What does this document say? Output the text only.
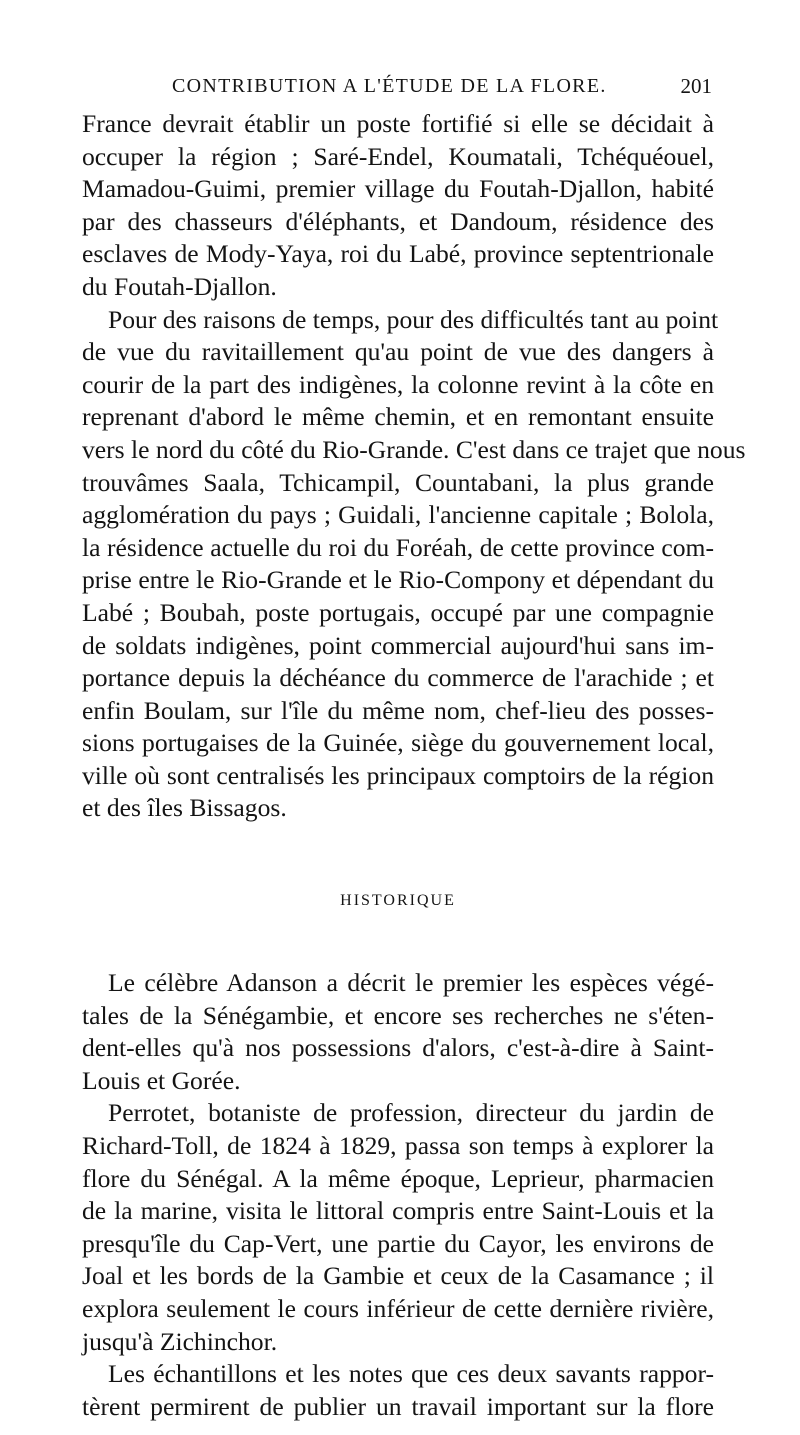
CONTRIBUTION A L'ÉTUDE DE LA FLORE.	201

France devrait établir un poste fortifié si elle se décidait à
occuper la région ; Saré-Endel, Koumatali, Tchéquéouel,
Mamadou-Guimi, premier village du Foutah-Djallon, habité
par des chasseurs d'éléphants, et Dandoum, résidence des
esclaves de Mody-Yaya, roi du Labé, province septentrionale
du Foutah-Djallon.

Pour des raisons de temps, pour des difficultés tant au point
de vue du ravitaillement qu'au point de vue des dangers à
courir de la part des indigènes, la colonne revint à la côte en
reprenant d'abord le même chemin, et en remontant ensuite
vers le nord du côté du Rio-Grande. C'est dans ce trajet que nous
trouvâmes Saala, Tchicampil, Countabani, la plus grande
agglomération du pays ; Guidali, l'ancienne capitale ; Bolola,
la résidence actuelle du roi du Foréah, de cette province com-
prise entre le Rio-Grande et le Rio-Compony et dépendant du
Labé ; Boubah, poste portugais, occupé par une compagnie
de soldats indigènes, point commercial aujourd'hui sans im-
portance depuis la déchéance du commerce de l'arachide ; et
enfin Boulam, sur l'île du même nom, chef-lieu des posses-
sions portugaises de la Guinée, siège du gouvernement local,
ville où sont centralisés les principaux comptoirs de la région
et des îles Bissagos.

HISTORIQUE

Le célèbre Adanson a décrit le premier les espèces végé-
tales de la Sénégambie, et encore ses recherches ne s'éten-
dent-elles qu'à nos possessions d'alors, c'est-à-dire à Saint-
Louis et Gorée.

Perrotet, botaniste de profession, directeur du jardin de
Richard-Toll, de 1824 à 1829, passa son temps à explorer la
flore du Sénégal. A la même époque, Leprieur, pharmacien
de la marine, visita le littoral compris entre Saint-Louis et la
presqu'île du Cap-Vert, une partie du Cayor, les environs de
Joal et les bords de la Gambie et ceux de la Casamance ; il
explora seulement le cours inférieur de cette dernière rivière,
jusqu'à Zichinchor.

Les échantillons et les notes que ces deux savants rappor-
tèrent permirent de publier un travail important sur la flore
